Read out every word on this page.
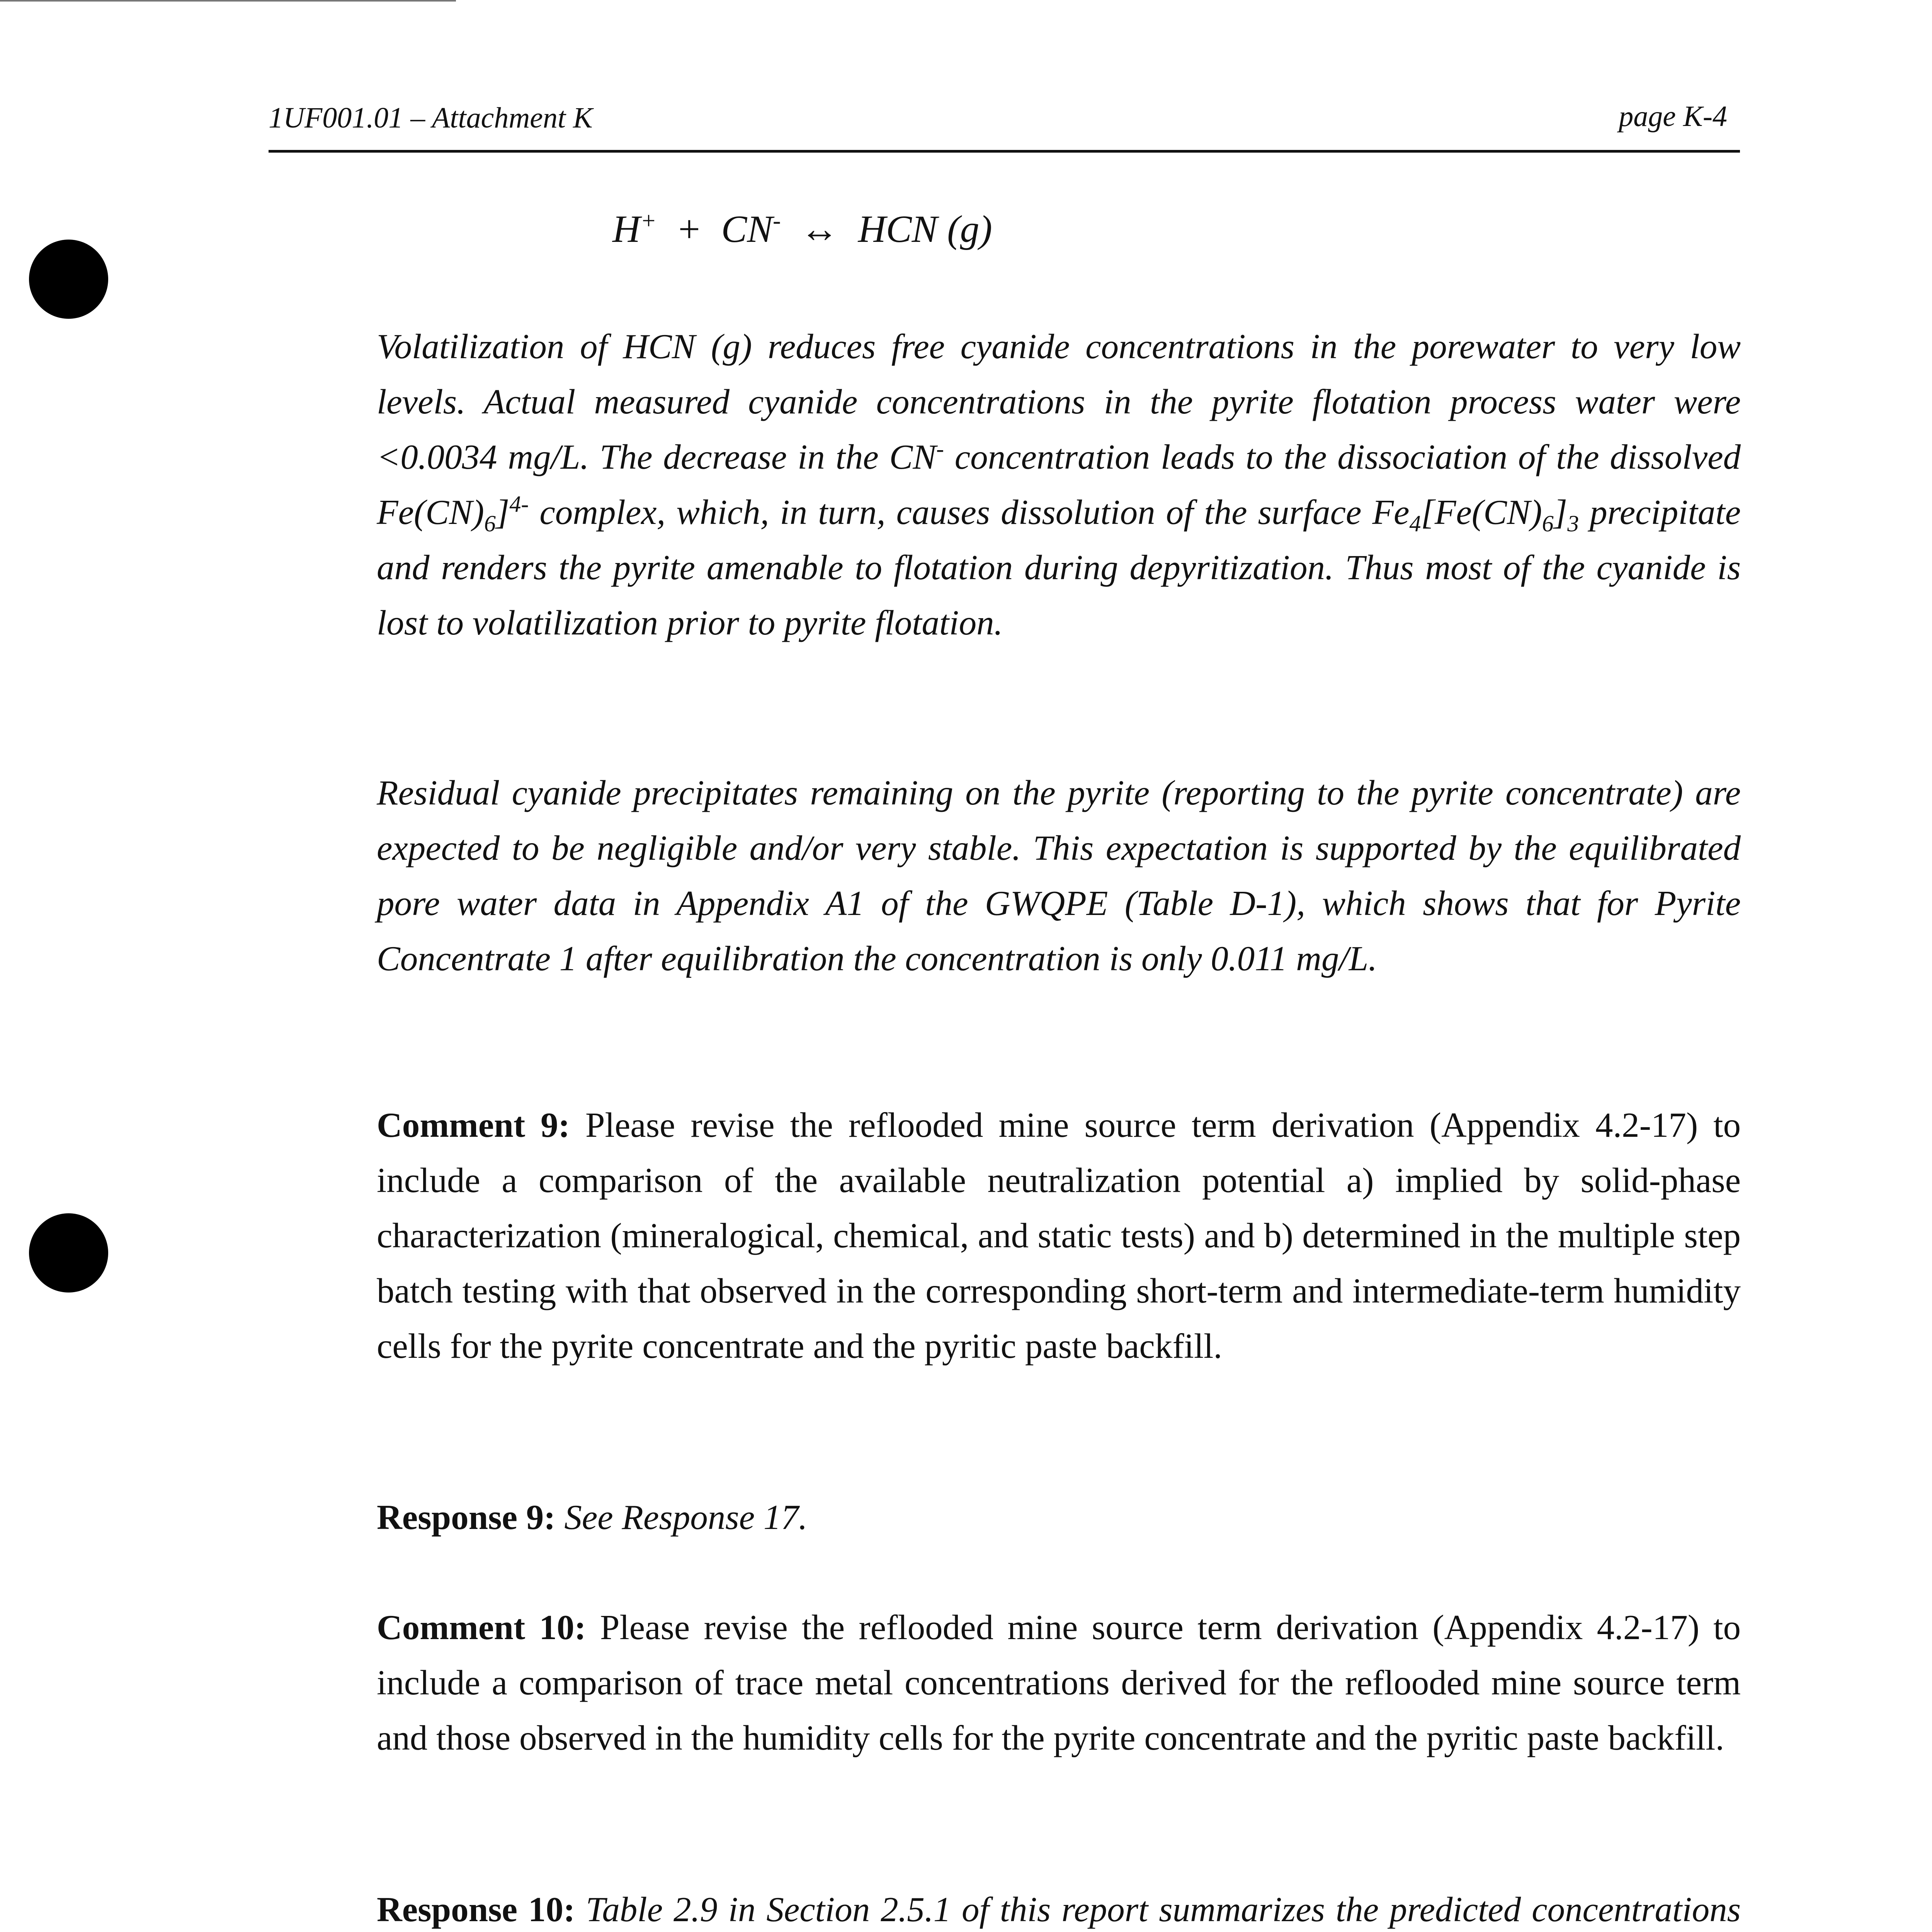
1UF001.01 – Attachment K	page K-4
H+ + CN- ↔ HCN (g)

Volatilization of HCN (g) reduces free cyanide concentrations in the porewater to very low levels. Actual measured cyanide concentrations in the pyrite flotation process water were <0.0034 mg/L. The decrease in the CN- concentration leads to the dissociation of the dissolved $Fe(CN)_6]^{4-}$ complex, which, in turn, causes dissolution of the surface $Fe_4[Fe(CN)_6]_3$ precipitate and renders the pyrite amenable to flotation during depyritization. Thus most of the cyanide is lost to volatilization prior to pyrite flotation.

Residual cyanide precipitates remaining on the pyrite (reporting to the pyrite concentrate) are expected to be negligible and/or very stable. This expectation is supported by the equilibrated pore water data in Appendix A1 of the GWQPE (Table D-1), which shows that for Pyrite Concentrate 1 after equilibration the concentration is only 0.011 mg/L.

Comment 9: Please revise the reflooded mine source term derivation (Appendix 4.2-17) to include a comparison of the available neutralization potential a) implied by solid-phase characterization (mineralogical, chemical, and static tests) and b) determined in the multiple step batch testing with that observed in the corresponding short-term and intermediate-term humidity cells for the pyrite concentrate and the pyritic paste backfill.

Response 9: See Response 17.

Comment 10: Please revise the reflooded mine source term derivation (Appendix 4.2-17) to include a comparison of trace metal concentrations derived for the reflooded mine source term and those observed in the humidity cells for the pyrite concentrate and the pyritic paste backfill.

Response 10: Table 2.9 in Section 2.5.1 of this report summarizes the predicted concentrations
